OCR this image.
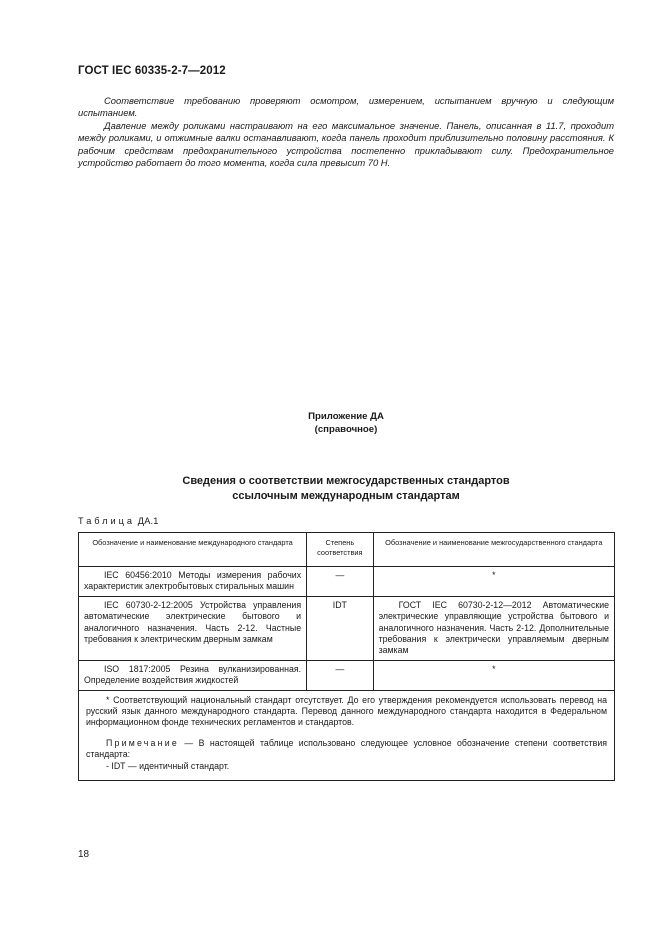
ГОСТ IEC 60335-2-7—2012

Соответствие требованию проверяют осмотром, измерением, испытанием вручную и следующим испытанием.

Давление между роликами настраивают на его максимальное значение. Панель, описанная в 11.7, проходит между роликами, и отжимные валки останавливают, когда панель проходит приблизительно половину расстояния. К рабочим средствам предохранительного устройства постепенно прикладывают силу. Предохранительное устройство работает до того момента, когда сила превысит 70 Н.

Приложение ДА
(справочное)
Сведения о соответствии межгосударственных стандартов
ссылочным международным стандартам
Таблица ДА.1
Обозначение и наименование международного стандарта	Степень соответствия	Обозначение и наименование межгосударственного стандарта

IEC 60456:2010 Методы измерения рабочих характеристик электробытовых стиральных машин	—	*

IEC 60730-2-12:2005 Устройства управления автоматические электрические бытового и аналогичного назначения. Часть 2-12. Частные требования к электрическим дверным замкам	IDT	ГОСТ IEC 60730-2-12—2012 Автоматические электрические управляющие устройства бытового и аналогичного назначения. Часть 2-12. Дополнительные требования к электрически управляемым дверным замкам

ISO 1817:2005 Резина вулканизированная. Определение воздействия жидкостей	—	*

* Соответствующий национальный стандарт отсутствует. До его утверждения рекомендуется использовать перевод на русский язык данного международного стандарта. Перевод данного международного стандарта находится в Федеральном информационном фонде технических регламентов и стандартов.

Примечание — В настоящей таблице использовано следующее условное обозначение степени соответствия стандарта:

- IDT — идентичный стандарт.		

18
